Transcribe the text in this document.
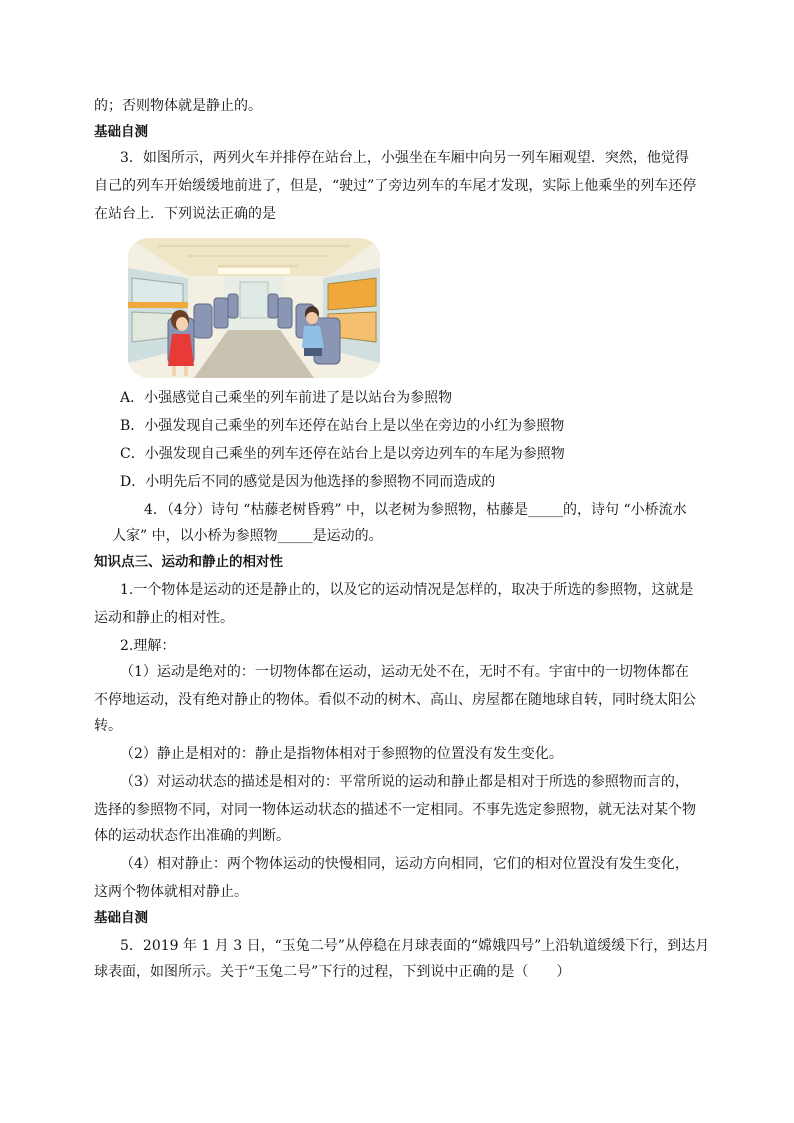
的；否则物体就是静止的。
基础自测
3．如图所示，两列火车并排停在站台上，小强坐在车厢中向另一列车厢观望．突然，他觉得
自己的列车开始缓缓地前进了，但是，“驶过”了旁边列车的车尾才发现，实际上他乘坐的列车还停
在站台上．下列说法正确的是
A．小强感觉自己乘坐的列车前进了是以站台为参照物
B．小强发现自己乘坐的列车还停在站台上是以坐在旁边的小红为参照物
C．小强发现自己乘坐的列车还停在站台上是以旁边列车的车尾为参照物
D．小明先后不同的感觉是因为他选择的参照物不同而造成的
4．（4分）诗句 “枯藤老树昏鸦” 中，以老树为参照物，枯藤是_____的，诗句 “小桥流水
人家” 中，以小桥为参照物_____是运动的。
知识点三、运动和静止的相对性
1.一个物体是运动的还是静止的，以及它的运动情况是怎样的，取决于所选的参照物，这就是
运动和静止的相对性。
2.理解：
（1）运动是绝对的：一切物体都在运动，运动无处不在，无时不有。宇宙中的一切物体都在
不停地运动，没有绝对静止的物体。看似不动的树木、高山、房屋都在随地球自转，同时绕太阳公
转。
（2）静止是相对的：静止是指物体相对于参照物的位置没有发生变化。
（3）对运动状态的描述是相对的：平常所说的运动和静止都是相对于所选的参照物而言的，
选择的参照物不同，对同一物体运动状态的描述不一定相同。不事先选定参照物，就无法对某个物
体的运动状态作出准确的判断。
（4）相对静止：两个物体运动的快慢相同，运动方向相同，它们的相对位置没有发生变化，
这两个物体就相对静止。
基础自测
5．2019 年 1 月 3 日，“玉兔二号”从停稳在月球表面的“嫦娥四号”上沿轨道缓缓下行，到达月
球表面，如图所示。关于“玉兔二号”下行的过程，下到说中正确的是（　　）
